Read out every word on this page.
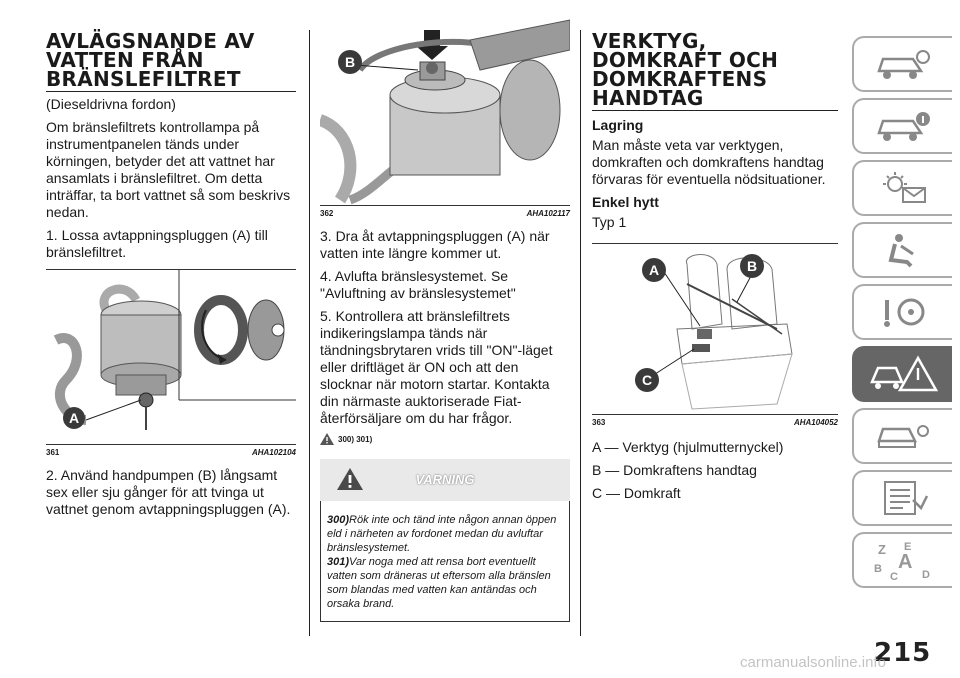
AVLÄGSNANDE AV VATTEN FRÅN BRÄNSLEFILTRET
(Dieseldrivna fordon)

Om bränslefiltrets kontrollampa på instrumentpanelen tänds under körningen, betyder det att vattnet har ansamlats i bränslefiltret. Om detta inträffar, ta bort vattnet så som beskrivs nedan.

1. Lossa avtappningspluggen (A) till bränslefiltret.

A
361	AHA102104

2. Använd handpumpen (B) långsamt sex eller sju gånger för att tvinga ut vattnet genom avtappningspluggen (A).

B
362	AHA102117

3. Dra åt avtappningspluggen (A) när vatten inte längre kommer ut.

4. Avlufta bränslesystemet. Se "Avluftning av bränslesystemet"

5. Kontrollera att bränslefiltrets indikeringslampa tänds när tändningsbrytaren vrids till "ON"-läget eller driftläget är ON och att den slocknar när motorn startar. Kontakta din närmaste auktoriserade Fiat-återförsäljare om du har frågor.

300) 301)
VARNING
300)Rök inte och tänd inte någon annan öppen eld i närheten av fordonet medan du avluftar bränslesystemet.
301)Var noga med att rensa bort eventuellt vatten som dräneras ut eftersom alla bränslen som blandas med vatten kan antändas och orsaka brand.
VERKTYG, DOMKRAFT OCH DOMKRAFTENS HANDTAG
Lagring

Man måste veta var verktygen, domkraften och domkraftens handtag förvaras för eventuella nödsituationer.

Enkel hytt

Typ 1

A	B
C
363	AHA104052

A — Verktyg (hjulmutternyckel)

B — Domkraftens handtag

C — Domkraft

Z E
A
B
C D
215
carmanualsonline.info
